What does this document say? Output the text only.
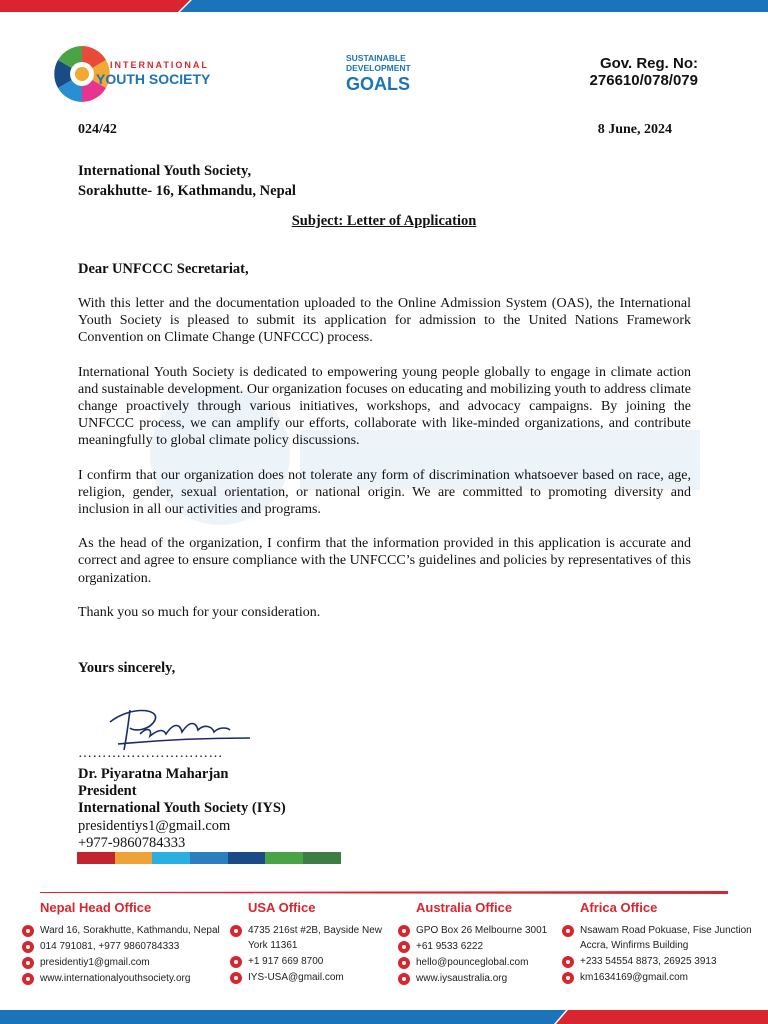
INTERNATIONAL
YOUTH SOCIETY
SUSTAINABLE
DEVELOPMENT
GOALS
Gov. Reg. No:
276610/078/079
024/42	8 June, 2024
International Youth Society,
Sorakhutte- 16, Kathmandu, Nepal
Subject: Letter of Application
Dear UNFCCC Secretariat,

With this letter and the documentation uploaded to the Online Admission System (OAS), the International Youth Society is pleased to submit its application for admission to the United Nations Framework Convention on Climate Change (UNFCCC) process.

International Youth Society is dedicated to empowering young people globally to engage in climate action and sustainable development. Our organization focuses on educating and mobilizing youth to address climate change proactively through various initiatives, workshops, and advocacy campaigns. By joining the UNFCCC process, we can amplify our efforts, collaborate with like-minded organizations, and contribute meaningfully to global climate policy discussions.

I confirm that our organization does not tolerate any form of discrimination whatsoever based on race, age, religion, gender, sexual orientation, or national origin. We are committed to promoting diversity and inclusion in all our activities and programs.

As the head of the organization, I confirm that the information provided in this application is accurate and correct and agree to ensure compliance with the UNFCCC’s guidelines and policies by representatives of this organization.

Thank you so much for your consideration.

Yours sincerely,
…………………………
Dr. Piyaratna Maharjan
President
International Youth Society (IYS)
presidentiys1@gmail.com
+977-9860784333
Nepal Head Office
Ward 16, Sorakhutte, Kathmandu, Nepal
014 791081, +977 9860784333
presidentiy1@gmail.com
www.internationalyouthsociety.org
USA Office
4735 216st #2B, Bayside New York 11361
+1 917 669 8700
IYS-USA@gmail.com
Australia Office
GPO Box 26 Melbourne 3001
+61 9533 6222
hello@pounceglobal.com
www.iysaustralia.org
Africa Office
Nsawam Road Pokuase, Fise Junction Accra, Winfirms Building
+233 54554 8873, 26925 3913
km1634169@gmail.com
